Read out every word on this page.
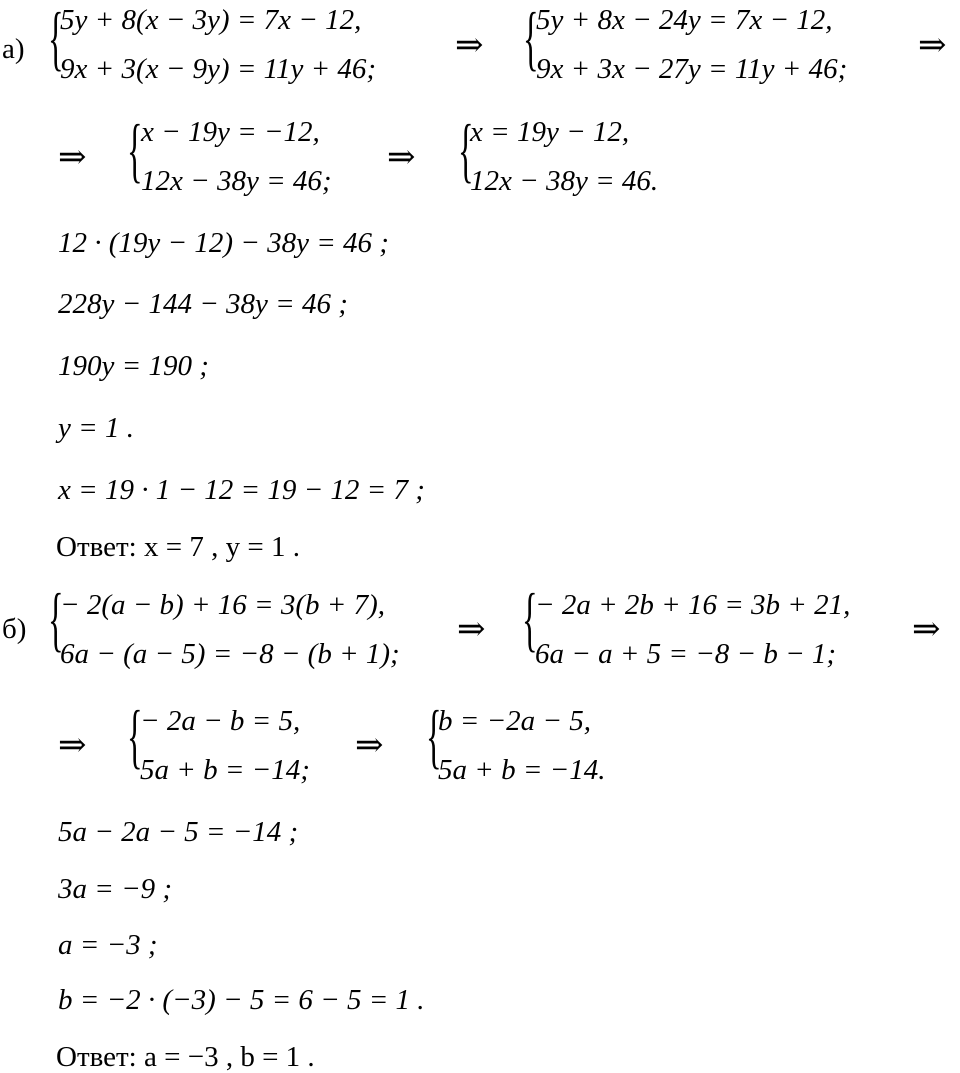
а) {
5y + 8(x − 3y) = 7x − 12,
9x + 3(x − 9y) = 11y + 46;
⇒ {
5y + 8x − 24y = 7x − 12,
9x + 3x − 27y = 11y + 46;
⇒
⇒ {
x − 19y = −12,
12x − 38y = 46;
⇒ {
x = 19y − 12,
12x − 38y = 46.
12 · (19y − 12) − 38y = 46 ;
228y − 144 − 38y = 46 ;
190y = 190 ;
y = 1 .
x = 19 · 1 − 12 = 19 − 12 = 7 ;
Ответ: x = 7 , y = 1 .
б) {
− 2(a − b) + 16 = 3(b + 7),
6a − (a − 5) = −8 − (b + 1);
⇒ {
− 2a + 2b + 16 = 3b + 21,
6a − a + 5 = −8 − b − 1;
⇒
⇒ {
− 2a − b = 5,
5a + b = −14;
⇒ {
b = −2a − 5,
5a + b = −14.
5a − 2a − 5 = −14 ;
3a = −9 ;
a = −3 ;
b = −2 · (−3) − 5 = 6 − 5 = 1 .
Ответ: a = −3 , b = 1 .
